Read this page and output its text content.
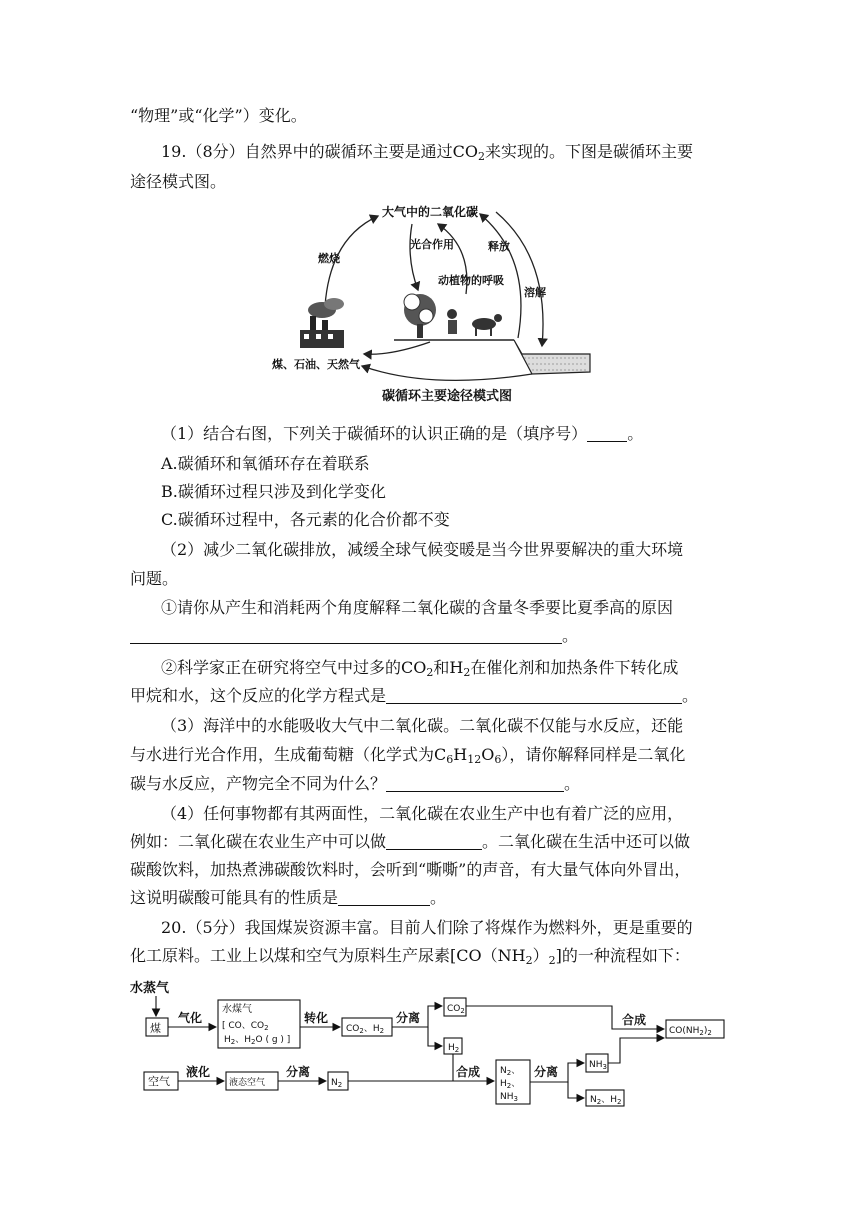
“物理”或“化学”）变化。
19.（8分）自然界中的碳循环主要是通过$CO_2$来实现的。下图是碳循环主要
途径模式图。
大气中的二氧化碳
燃烧
光合作用	释放
动植物的呼吸
溶解
煤、石油、天然气
碳循环主要途径模式图
（1）结合右图，下列关于碳循环的认识正确的是（填序号）	。
A.碳循环和氧循环存在着联系
B.碳循环过程只涉及到化学变化
C.碳循环过程中，各元素的化合价都不变
（2）减少二氧化碳排放，减缓全球气候变暖是当今世界要解决的重大环境
问题。
①请你从产生和消耗两个角度解释二氧化碳的含量冬季要比夏季高的原因
。
②科学家正在研究将空气中过多的$CO_2$和$H_2$在催化剂和加热条件下转化成
甲烷和水，这个反应的化学方程式是	。
（3）海洋中的水能吸收大气中二氧化碳。二氧化碳不仅能与水反应，还能
与水进行光合作用，生成葡萄糖（化学式为$C_6H_{12}O_6$），请你解释同样是二氧化
碳与水反应，产物完全不同为什么？	。
（4）任何事物都有其两面性，二氧化碳在农业生产中也有着广泛的应用，
例如：二氧化碳在农业生产中可以做	。二氧化碳在生活中还可以做
碳酸饮料，加热煮沸碳酸饮料时，会听到“嘶嘶”的声音，有大量气体向外冒出，
这说明碳酸可能具有的性质是	。
20.（5分）我国煤炭资源丰富。目前人们除了将煤作为燃料外，更是重要的
化工原料。工业上以煤和空气为原料生产尿素$[CO(NH_2)_2]$的一种流程如下：
水蒸气
煤
气化
水煤气
[ CO、$CO_2$
$H_2$、$H_2O$ ( g ) ]
转化
$CO_2$、$H_2$
分离
$CO_2$
$H_2$
合成
$CO(NH_2)_2$
空气
液化
液态空气
分离
$N_2$
合成 $N_2$、
$H_2$、
$NH_3$
分离	$NH_3$
$N_2$、$H_2$
